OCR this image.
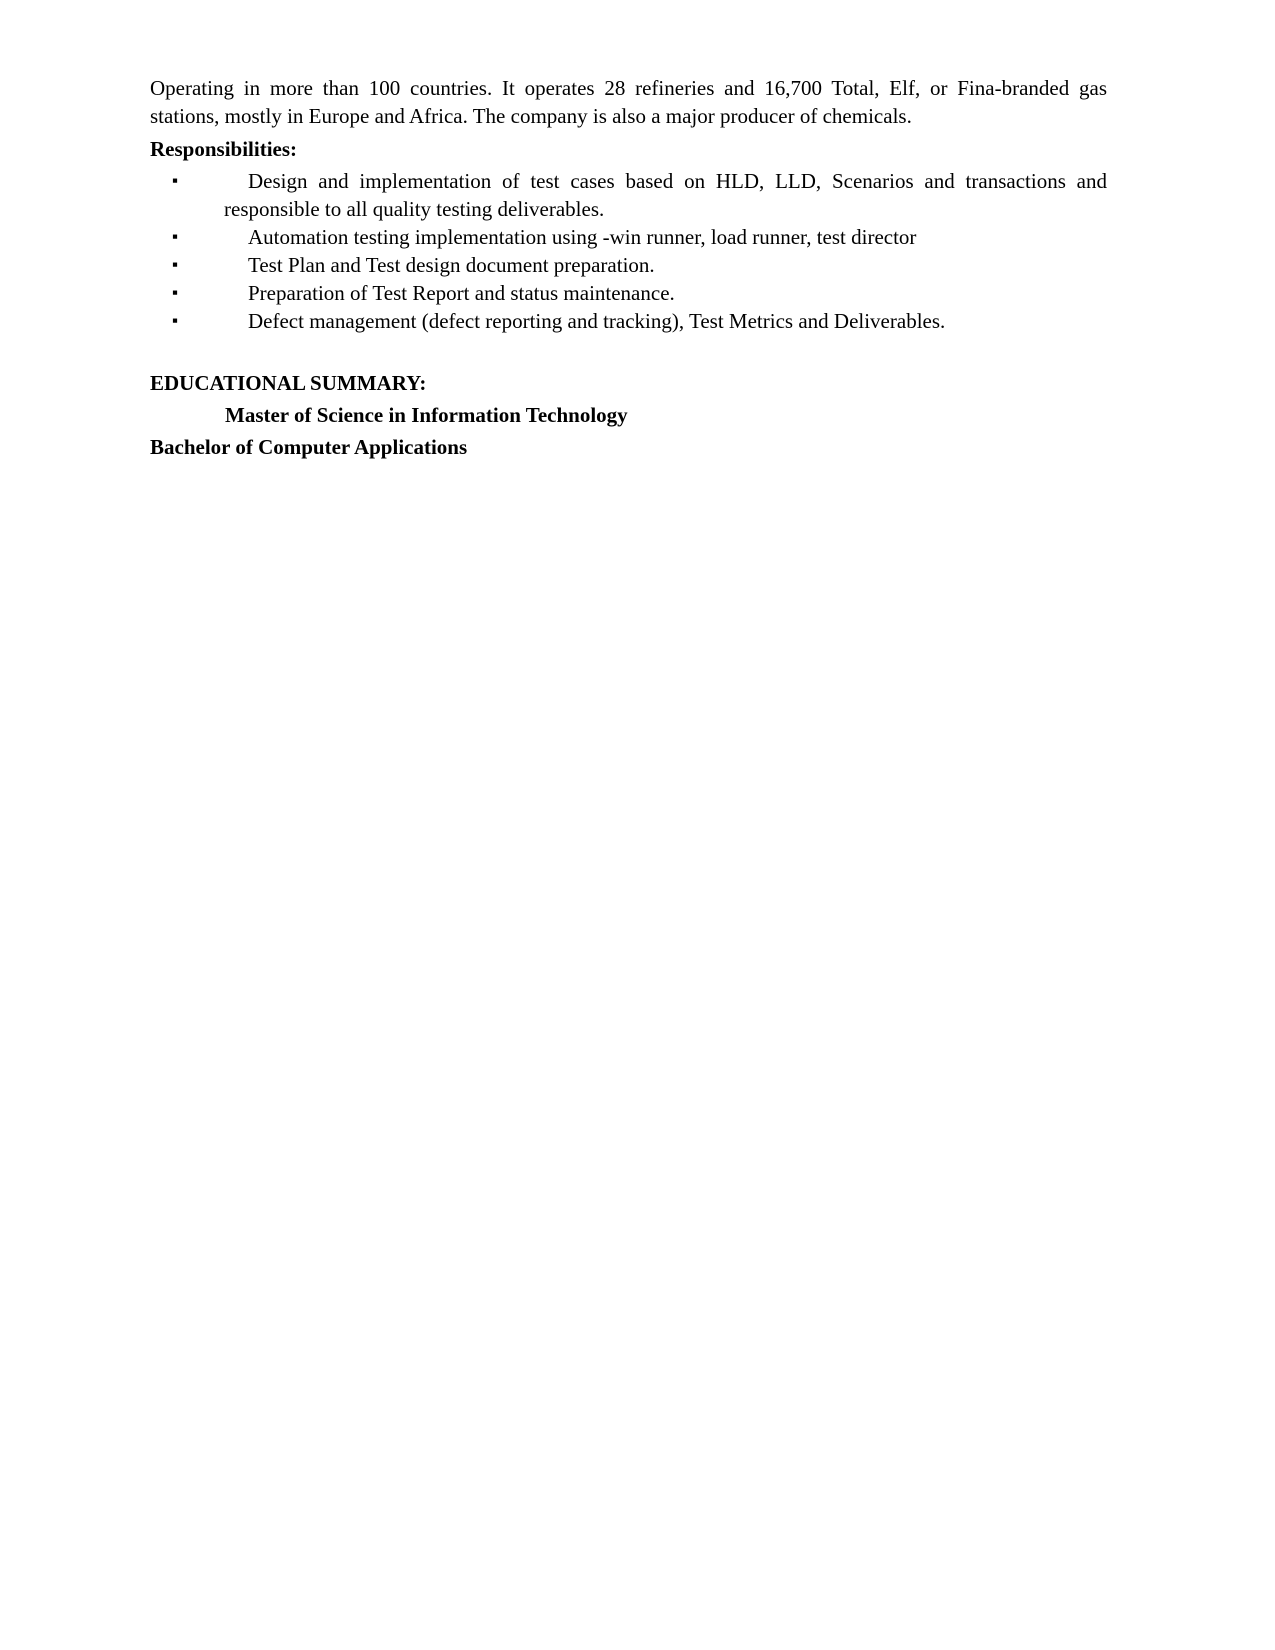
Operating in more than 100 countries. It operates 28 refineries and 16,700 Total, Elf, or Fina-branded gas stations, mostly in Europe and Africa. The company is also a major producer of chemicals.

Responsibilities:
▪	Design and implementation of test cases based on HLD, LLD, Scenarios and transactions and responsible to all quality testing deliverables.
▪	Automation testing implementation using -win runner, load runner, test director
▪	Test Plan and Test design document preparation.
▪	Preparation of Test Report and status maintenance.
▪	Defect management (defect reporting and tracking), Test Metrics and Deliverables.
EDUCATIONAL SUMMARY:
Master of Science in Information Technology
Bachelor of Computer Applications
